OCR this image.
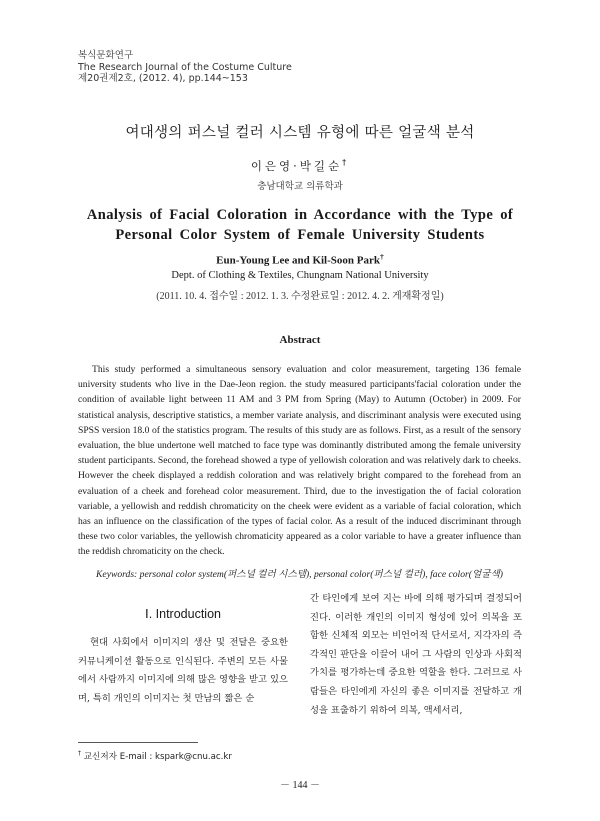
복식문화연구
The Research Journal of the Costume Culture
제20권제2호, (2012. 4), pp.144~153
여대생의 퍼스널 컬러 시스템 유형에 따른 얼굴색 분석
이은영·박길순†
충남대학교 의류학과
Analysis of Facial Coloration in Accordance with the Type of
Personal Color System of Female University Students
Eun-Young Lee and Kil-Soon Park†
Dept. of Clothing & Textiles, Chungnam National University
(2011. 10. 4. 접수일 : 2012. 1. 3. 수정완료일 : 2012. 4. 2. 게재확정일)
Abstract

This study performed a simultaneous sensory evaluation and color measurement, targeting 136 female university students who live in the Dae-Jeon region. the study measured participants'facial coloration under the condition of available light between 11 AM and 3 PM from Spring (May) to Autumn (October) in 2009. For statistical analysis, descriptive statistics, a member variate analysis, and discriminant analysis were executed using SPSS version 18.0 of the statistics program. The results of this study are as follows. First, as a result of the sensory evaluation, the blue undertone well matched to face type was dominantly distributed among the female university student participants. Second, the forehead showed a type of yellowish coloration and was relatively dark to cheeks. However the cheek displayed a reddish coloration and was relatively bright compared to the forehead from an evaluation of a cheek and forehead color measurement. Third, due to the investigation the of facial coloration variable, a yellowish and reddish chromaticity on the cheek were evident as a variable of facial coloration, which has an influence on the classification of the types of facial color. As a result of the induced discriminant through these two color variables, the yellowish chromaticity appeared as a color variable to have a greater influence than the reddish chromaticity on the check.

Keywords: personal color system(퍼스널 컬러 시스템), personal color(퍼스널 컬러), face color(얼굴색)
Ⅰ. Introduction

현대 사회에서 이미지의 생산 및 전달은 중요한 커뮤니케이션 활동으로 인식된다. 주변의 모든 사물에서 사람까지 이미지에 의해 많은 영향을 받고 있으며, 특히 개인의 이미지는 첫 만남의 짧은 순

간 타인에게 보여 지는 바에 의해 평가되며 결정되어진다. 이러한 개인의 이미지 형성에 있어 의복을 포함한 신체적 외모는 비언어적 단서로서, 지각자의 즉각적인 판단을 이끌어 내어 그 사람의 인상과 사회적 가치를 평가하는데 중요한 역할을 한다. 그러므로 사람들은 타인에게 자신의 좋은 이미지를 전달하고 개성을 표출하기 위하여 의복, 액세서리,

† 교신저자 E-mail : kspark@cnu.ac.kr
－ 144 －
